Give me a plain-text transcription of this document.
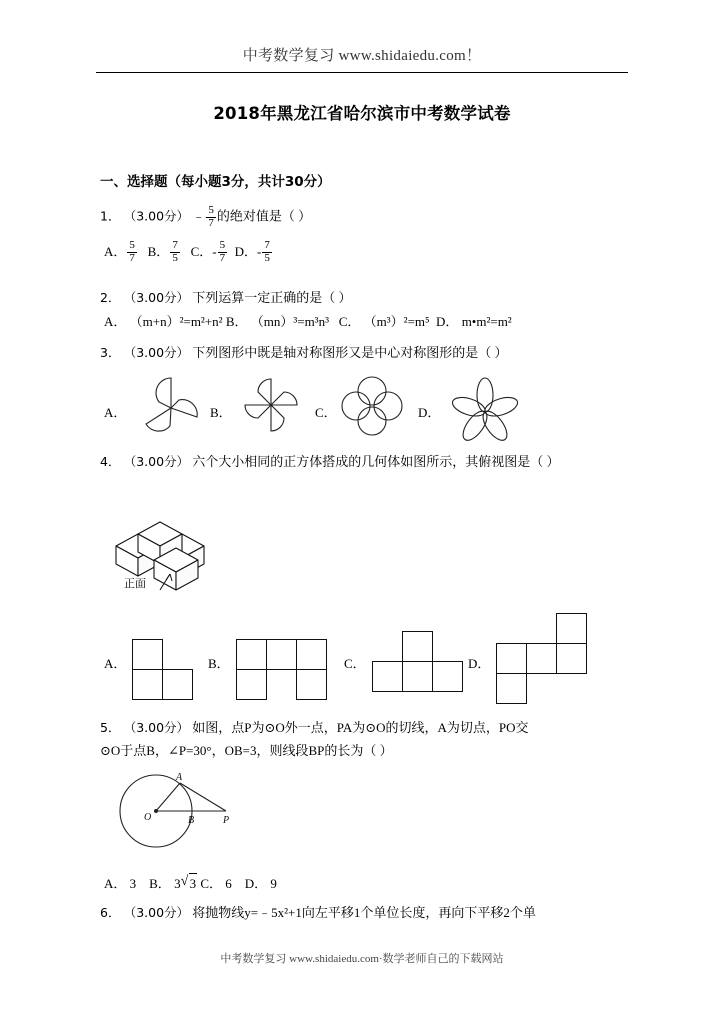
中考数学复习 www.shidaiedu.com！
2018年黑龙江省哈尔滨市中考数学试卷
一、选择题（每小题3分，共计30分）
1． （3.00分） ﹣ $\frac{5}{7}$ 的绝对值是（ ）
A． $\frac{5}{7}$ B． $\frac{7}{5}$ C．- $\frac{5}{7}$ D．- $\frac{7}{5}$
2． （3.00分） 下列运算一定正确的是（ ）
A． （m+n）²=m²+n² B． （mn）³=m³n³ C． （m³）²=m⁵ D． m•m²=m²
3． （3.00分） 下列图形中既是轴对称图形又是中心对称图形的是（ ）
A．	B．	C．	D．
4． （3.00分） 六个大小相同的正方体搭成的几何体如图所示，其俯视图是（ ）
正面
A．	B．	C．	D．
5． （3.00分） 如图，点P为⊙O外一点，PA为⊙O的切线，A为切点，PO交
⊙O于点B，∠P=30°，OB=3，则线段BP的长为（ ）
O
A
B	P
A． 3 B． 3 √ 3 C． 6 D． 9
6． （3.00分） 将抛物线y=﹣5x²+1向左平移1个单位长度，再向下平移2个单
中考数学复习 www.shidaiedu.com·数学老师自己的下载网站
